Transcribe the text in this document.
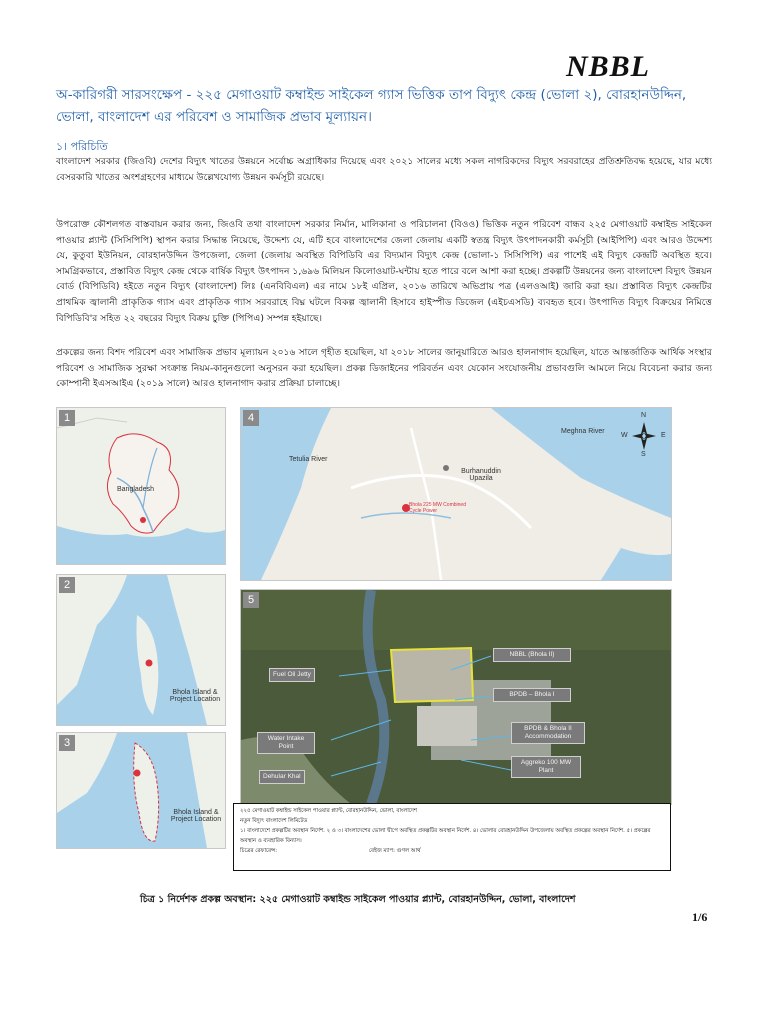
NBBL
অ-কারিগরী সারসংক্ষেপ - ২২৫ মেগাওয়াট কম্বাইন্ড সাইকেল গ্যাস ভিত্তিক তাপ বিদ্যুৎ কেন্দ্র (ভোলা ২), বোরহানউদ্দিন, ভোলা, বাংলাদেশ এর পরিবেশ ও সামাজিক প্রভাব মূল্যায়ন।
১। পরিচিতি
বাংলাদেশ সরকার (জিওবি) দেশের বিদ্যুৎ খাতের উন্নয়নে সর্বোচ্চ অগ্রাধিকার দিয়েছে এবং ২০২১ সালের মধ্যে সকল নাগরিকদের বিদ্যুৎ সরবরাহের প্রতিশ্রুতিবদ্ধ হয়েছে, যার মধ্যে বেসরকারি খাতের অংশগ্রহণের মাধ্যমে উল্লেখযোগ্য উন্নয়ন কর্মসূচী রয়েছে।
উপরোক্ত কৌশলগত বাস্তবায়ন করার জন্য, জিওবি তথা বাংলাদেশ সরকার নির্মান, মালিকানা ও পরিচালনা (বিওও) ভিত্তিক নতুন পরিবেশ বান্ধব ২২৫ মেগাওয়াট কম্বাইন্ড সাইকেল পাওয়ার প্ল্যান্ট (সিসিপিপি) স্থাপন করার সিদ্ধান্ত নিয়েছে, উদ্দেশ্য যে, এটি হবে বাংলাদেশের জেলা জেলায় একটি স্বতন্ত্র বিদ্যুৎ উৎপাদনকারী কর্মসূচী (আইপিপি) এবং আরও উদ্দেশ্য যে, কুতুবা ইউনিয়ন, বোরহানউদ্দিন উপজেলা, জেলা (জেলায় অবস্থিত বিপিডিবি এর বিদ্যমান বিদ্যুৎ কেন্দ্র (ভোলা-১ সিসিপিপি) এর পাশেই এই বিদ্যুৎ কেন্দ্রটি অবস্থিত হবে। সামগ্রিকভাবে, প্রস্তাবিত বিদ্যুৎ কেন্দ্র থেকে বার্ষিক বিদ্যুৎ উৎপাদন ১,৬৯৬ মিলিয়ন কিলোওয়াট-ঘন্টায় হতে পারে বলে আশা করা হচ্ছে। প্রকল্পটি উন্নয়নের জন্য বাংলাদেশ বিদ্যুৎ উন্নয়ন বোর্ড (বিপিডিবি) হইতে নতুন বিদ্যুৎ (বাংলাদেশ) লিঃ (এনবিবিএল) এর নামে ১৮ই এপ্রিল, ২০১৬ তারিখে অভিপ্রায় পত্র (এলওআই) জারি করা হয়। প্রস্তাবিত বিদ্যুৎ কেন্দ্রটির প্রাথমিক জ্বালানী প্রাকৃতিক গ্যাস এবং প্রাকৃতিক গ্যাস সরবরাহে বিঘ্ন ঘটলে বিকল্প জ্বালানী হিসাবে হাইস্পীড ডিজেল (এইচএসডি) ব্যবহৃত হবে। উৎপাদিত বিদ্যুৎ বিক্রয়ের নিমিত্তে বিপিডিবি'র সহিত ২২ বছরের বিদ্যুৎ বিক্রয় চুক্তি (পিপিএ) সম্পন্ন হইয়াছে।
প্রকল্পের জন্য বিশদ পরিবেশ এবং সামাজিক প্রভাব মূল্যায়ন ২০১৬ সালে গৃহীত হয়েছিল, যা ২০১৮ সালের জানুয়ারিতে আরও হালনাগাদ হয়েছিল, যাতে আন্তর্জাতিক আর্থিক সংস্থার পরিবেশ ও সামাজিক সুরক্ষা সংক্রান্ত নিয়ম-কানুনগুলো অনুসরন করা হয়েছিল। প্রকল্প ডিজাইনের পরিবর্তন এবং যেকোন সংযোজনীয় প্রভাবগুলি আমলে নিয়ে বিবেচনা করার জন্য কোম্পানী ইএসআইএ (২০১৯ সালে) আরও হালনাগাদ করার প্রক্রিয়া চালাচ্ছে।
1
Bangladesh
2
Bhola Island & Project Location
3
Bhola Island & Project Location
4
Tetulia River
Meghna River
Burhanuddin Upazila
Bhola 225 MW Combined Cycle Power
N
S
W	E
5
Fuel Oil Jetty
Water Intake Point
Dehular Khal
NBBL (Bhola II)
BPDB – Bhola I
BPDB & Bhola II Accommodation
Aggreko 100 MW Plant
২২৫ মেগাওয়াট কম্বাইন্ড সাইকেল পাওয়ার প্ল্যান্ট, বোরহানউদ্দিন, ভোলা, বাংলাদেশ
নতুন বিদ্যুৎ বাংলাদেশ লিমিটেড
১। বাংলাদেশে প্রকল্পটির অবস্থান নির্দেশ. ২ ও ৩। বাংলাদেশের ভোলা দ্বীপে অবস্থিত প্রকল্পটির অবস্থান নির্দেশ. ৪। ভোলার বোরহানউদ্দিন উপজেলায় অবস্থিত প্রকল্পের অবস্থান নির্দেশ. ৫। প্রকল্পের অবস্থান ও ব্যবহারিক বিন্যাস।
চিত্রের রেফারেন্স:	বেইজ ম্যাপ: গুগল আর্থ
চিত্র ১ নির্দেশক প্রকল্প অবস্থান: ২২৫ মেগাওয়াট কম্বাইন্ড সাইকেল পাওয়ার প্ল্যান্ট, বোরহানউদ্দিন, ভোলা, বাংলাদেশ
1/6
